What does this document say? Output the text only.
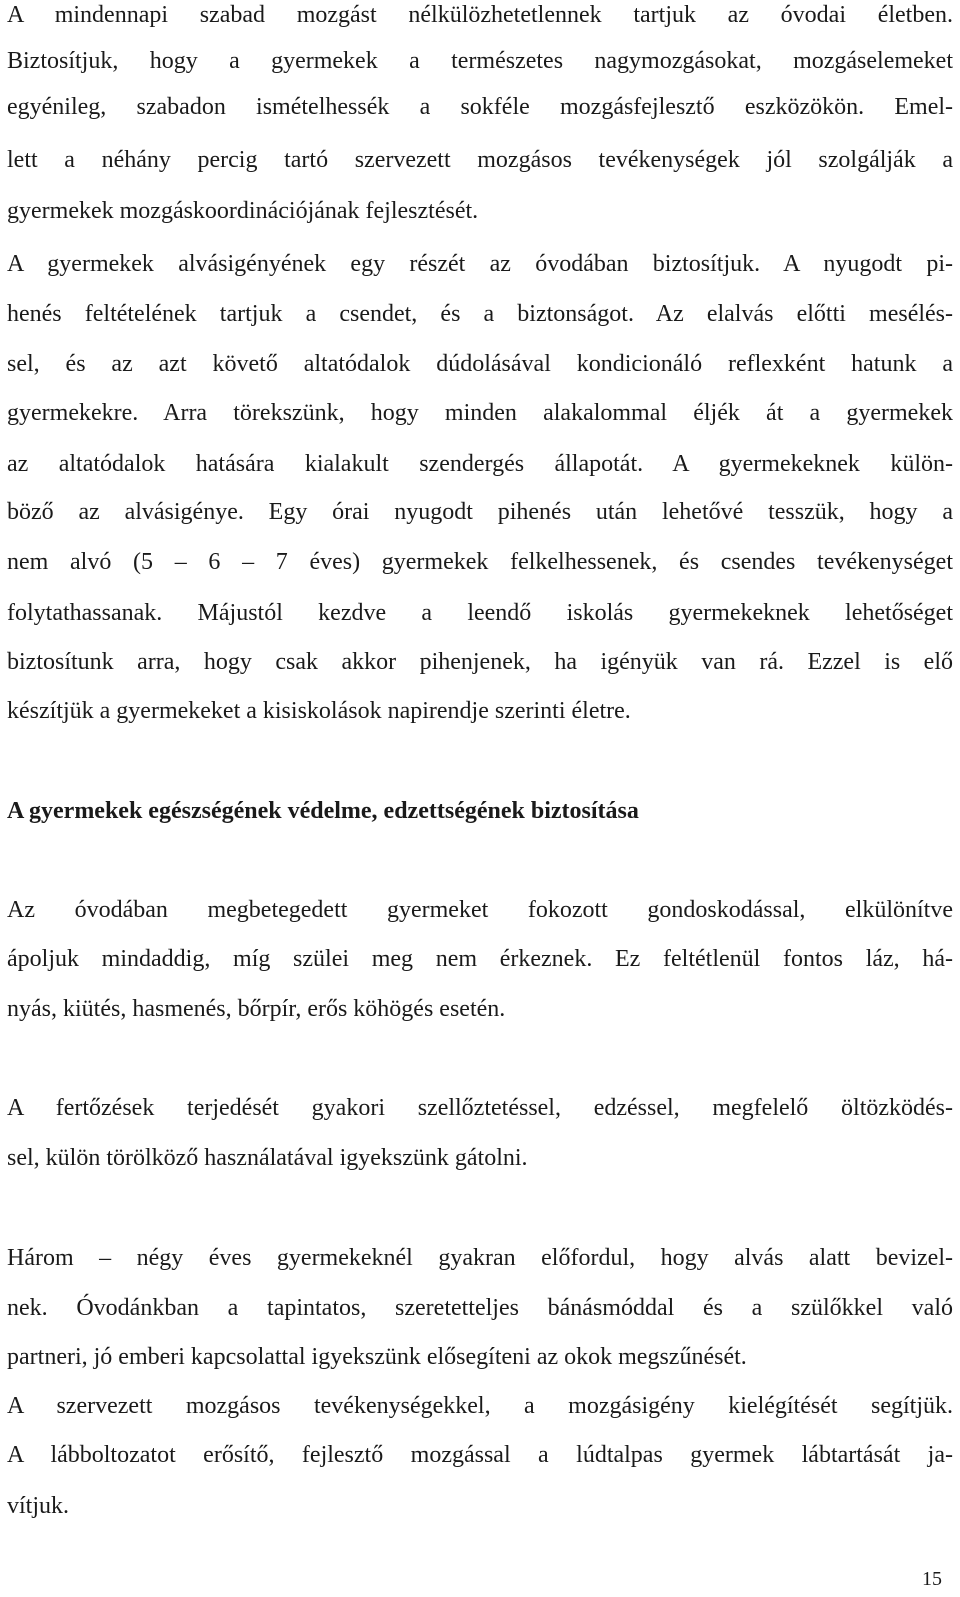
A mindennapi szabad mozgást nélkülözhetetlennek tartjuk az óvodai életben.
Biztosítjuk, hogy a gyermekek a természetes nagymozgásokat, mozgáselemeket
egyénileg, szabadon ismételhessék a sokféle mozgásfejlesztő eszközökön. Emel-
lett a néhány percig tartó szervezett mozgásos tevékenységek jól szolgálják a
gyermekek mozgáskoordinációjának fejlesztését.
A gyermekek alvásigényének egy részét az óvodában biztosítjuk. A nyugodt pi-
henés feltételének tartjuk a csendet, és a biztonságot. Az elalvás előtti mesélés-
sel, és az azt követő altatódalok dúdolásával kondicionáló reflexként hatunk a
gyermekekre. Arra törekszünk, hogy minden alakalommal éljék át a gyermekek
az altatódalok hatására kialakult szendergés állapotát. A gyermekeknek külön-
böző az alvásigénye. Egy órai nyugodt pihenés után lehetővé tesszük, hogy a
nem alvó (5 – 6 – 7 éves) gyermekek felkelhessenek, és csendes tevékenységet
folytathassanak. Májustól kezdve a leendő iskolás gyermekeknek lehetőséget
biztosítunk arra, hogy csak akkor pihenjenek, ha igényük van rá. Ezzel is elő
készítjük a gyermekeket a kisiskolások napirendje szerinti életre.
A gyermekek egészségének védelme, edzettségének biztosítása
Az óvodában megbetegedett gyermeket fokozott gondoskodással, elkülönítve
ápoljuk mindaddig, míg szülei meg nem érkeznek. Ez feltétlenül fontos láz, há-
nyás, kiütés, hasmenés, bőrpír, erős köhögés esetén.
A fertőzések terjedését gyakori szellőztetéssel, edzéssel, megfelelő öltözködés-
sel, külön törölköző használatával igyekszünk gátolni.
Három – négy éves gyermekeknél gyakran előfordul, hogy alvás alatt bevizel-
nek. Óvodánkban a tapintatos, szeretetteljes bánásmóddal és a szülőkkel való
partneri, jó emberi kapcsolattal igyekszünk elősegíteni az okok megszűnését.
A szervezett mozgásos tevékenységekkel, a mozgásigény kielégítését segítjük.
A lábboltozatot erősítő, fejlesztő mozgással a lúdtalpas gyermek lábtartását ja-
vítjuk.
15
